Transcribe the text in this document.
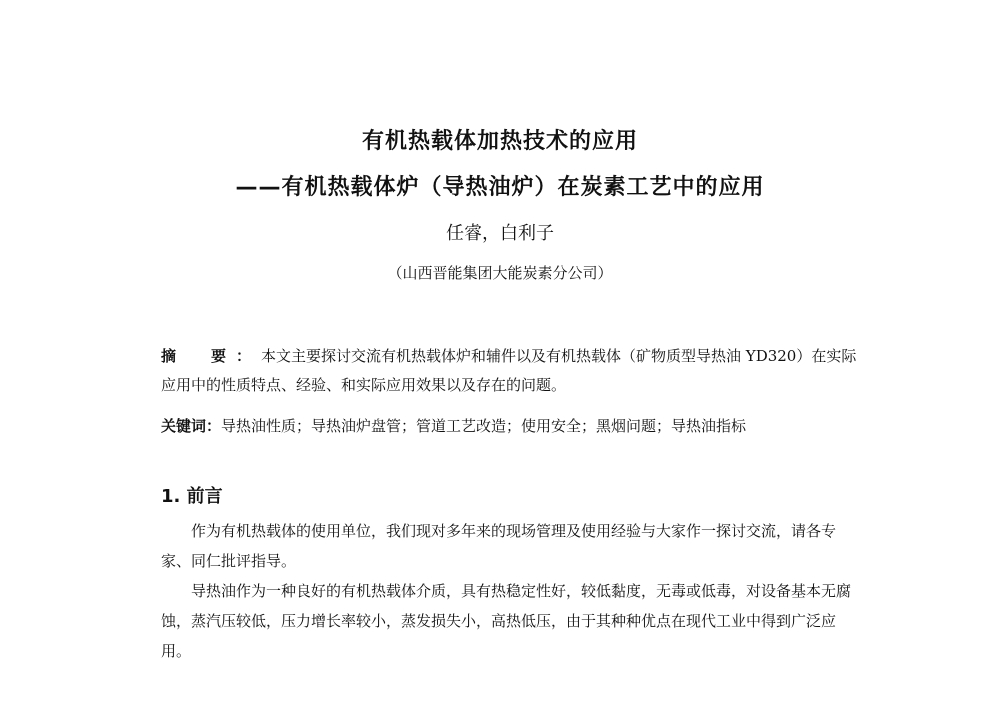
有机热载体加热技术的应用
——有机热载体炉（导热油炉）在炭素工艺中的应用
任睿，白利子
（山西晋能集团大能炭素分公司）
摘　要：本文主要探讨交流有机热载体炉和辅件以及有机热载体（矿物质型导热油 YD320）在实际应用中的性质特点、经验、和实际应用效果以及存在的问题。
关键词：导热油性质；导热油炉盘管；管道工艺改造；使用安全；黑烟问题；导热油指标
1. 前言

作为有机热载体的使用单位，我们现对多年来的现场管理及使用经验与大家作一探讨交流，请各专家、同仁批评指导。

导热油作为一种良好的有机热载体介质，具有热稳定性好，较低黏度，无毒或低毒，对设备基本无腐蚀，蒸汽压较低，压力增长率较小，蒸发损失小，高热低压，由于其种种优点在现代工业中得到广泛应用。
